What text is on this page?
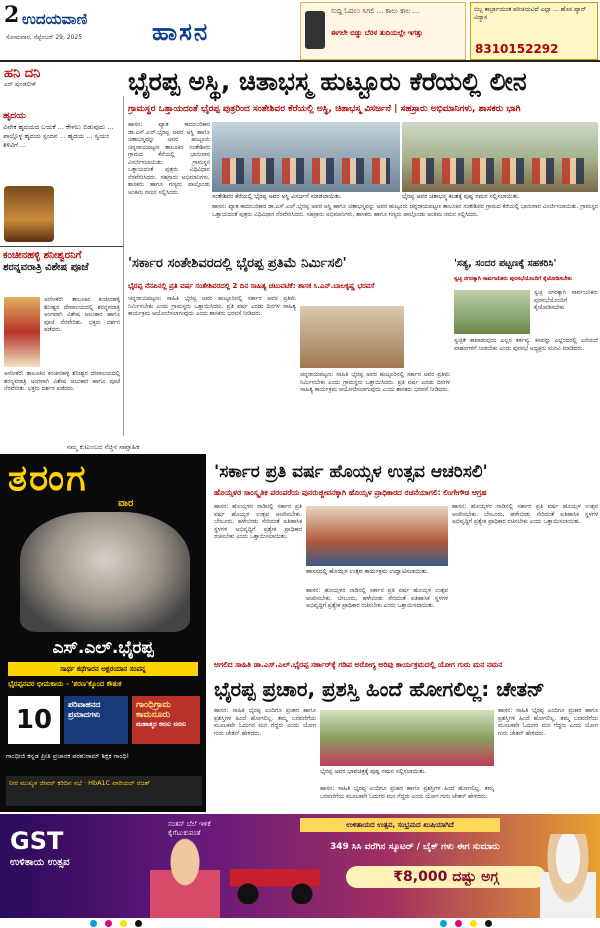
2 ಉದಯವಾಣಿ
ಸೋಮವಾರ, ಸೆಪ್ಟೆಂಬರ್ 29, 2025	ಹಾಸನ
ಸುದ್ದಿ ಓದಲು ಸಿಗಲಿ ... ಕಾಲು ಕಾಲ ...
ಈಗಲೇ ಬಿಡ್ಡು ಬೆರಳ ತುದಿಯಲ್ಲೇ ಇಗತ್ತು
ಬಿಬ್ಬ ಕಾರ್ಬ್ರಾಯಂತ ಪರಿಚಯವಿದೆ ಎಲ್ಲಾ ... ಹೊಸ ಪ್ಯಾನ್ ವಿನ್ಯಾಸ
8310152292
ಹನಿ ದನಿ
ಎನ್ ಪುಂಡಲೀಕ್
ಹೃದಯ
ವಿವೇಕ ಹೃದಯದ ಬಯಕೆ ... ಕೇಳಲು ಬಿಡುವುದು ... ಪಾಲ್ಗೊಳ್ಳ ಹೃದಯ ಸ್ಪಂದನ ... ಹೃದಯ ... ಸ್ವಯಂ ತಿಳಿವಿಗೆ ...
ಭೈರಪ್ಪ ಅಸ್ಥಿ, ಚಿತಾಭಸ್ಮ ಹುಟ್ಟೂರು ಕೆರೆಯಲ್ಲಿ ಲೀನ
ಗ್ರಾಮಸ್ಥರ ಒತ್ತಾಯದಂತೆ ಭೈರಪ್ಪ ಪುತ್ರರಿಂದ ಸಂತೇಶಿವರ ಕೆರೆಯಲ್ಲಿ ಅಸ್ಥಿ, ಚಿತಾಭಸ್ಮ ವಿಸರ್ಜನೆ | ಸಹಸ್ರಾರು ಅಭಿಮಾನಿಗಳು, ಶಾಸಕರು ಭಾಗಿ
ಸಂತೇಶಿವರ ಕೆರೆಯಲ್ಲಿ ಭೈರಪ್ಪ ಅವರ ಅಸ್ಥಿ ವಿಸರ್ಜನೆ ಮಾಡಲಾಯಿತು.	ಭೈರಪ್ಪ ಅವರ ಚಿತಾಭಸ್ಮ ಕಲಶಕ್ಕೆ ಪುಷ್ಪ ನಮನ ಸಲ್ಲಿಸಲಾಯಿತು.
ಹಾಸನ: ಖ್ಯಾತ ಕಾದಂಬರಿಕಾರ ಡಾ.ಎಸ್.ಎಲ್.ಭೈರಪ್ಪ ಅವರ ಅಸ್ಥಿ ಹಾಗೂ ಚಿತಾಭಸ್ಮವನ್ನು ಅವರ ಹುಟ್ಟೂರು ಚನ್ನರಾಯಪಟ್ಟಣ ತಾಲೂಕಿನ ಸಂತೇಶಿವರ ಗ್ರಾಮದ ಕೆರೆಯಲ್ಲಿ ಭಾನುವಾರ ವಿಸರ್ಜಿಸಲಾಯಿತು. ಗ್ರಾಮಸ್ಥರ ಒತ್ತಾಯದಂತೆ ಪುತ್ರರು ವಿಧಿವಿಧಾನ ನೆರವೇರಿಸಿದರು. ಸಹಸ್ರಾರು ಅಭಿಮಾನಿಗಳು, ಶಾಸಕರು ಹಾಗೂ ಗಣ್ಯರು ಪಾಲ್ಗೊಂಡು ಅಂತಿಮ ನಮನ ಸಲ್ಲಿಸಿದರು.
ಹಾಸನ: ಖ್ಯಾತ ಕಾದಂಬರಿಕಾರ ಡಾ.ಎಸ್.ಎಲ್.ಭೈರಪ್ಪ ಅವರ ಅಸ್ಥಿ ಹಾಗೂ ಚಿತಾಭಸ್ಮವನ್ನು ಅವರ ಹುಟ್ಟೂರು ಚನ್ನರಾಯಪಟ್ಟಣ ತಾಲೂಕಿನ ಸಂತೇಶಿವರ ಗ್ರಾಮದ ಕೆರೆಯಲ್ಲಿ ಭಾನುವಾರ ವಿಸರ್ಜಿಸಲಾಯಿತು. ಗ್ರಾಮಸ್ಥರ ಒತ್ತಾಯದಂತೆ ಪುತ್ರರು ವಿಧಿವಿಧಾನ ನೆರವೇರಿಸಿದರು. ಸಹಸ್ರಾರು ಅಭಿಮಾನಿಗಳು, ಶಾಸಕರು ಹಾಗೂ ಗಣ್ಯರು ಪಾಲ್ಗೊಂಡು ಅಂತಿಮ ನಮನ ಸಲ್ಲಿಸಿದರು.
ಕಂಚೀನಹಳ್ಳಿ ಶನೀಶ್ವರನಿಗೆ
ಶರನ್ನವರಾತ್ರಿ ವಿಶೇಷ ಪೂಜೆ
ಅರಸೀಕೆರೆ: ತಾಲೂಕಿನ ಕಂಚೀನಹಳ್ಳಿ ಶನೀಶ್ವರ ದೇವಾಲಯದಲ್ಲಿ ಶರನ್ನವರಾತ್ರಿ ಅಂಗವಾಗಿ ವಿಶೇಷ ಅಲಂಕಾರ ಹಾಗೂ ಪೂಜೆ ನೆರವೇರಿತು. ಭಕ್ತರು ದರ್ಶನ ಪಡೆದರು.
ಅರಸೀಕೆರೆ: ತಾಲೂಕಿನ ಕಂಚೀನಹಳ್ಳಿ ಶನೀಶ್ವರ ದೇವಾಲಯದಲ್ಲಿ ಶರನ್ನವರಾತ್ರಿ ಅಂಗವಾಗಿ ವಿಶೇಷ ಅಲಂಕಾರ ಹಾಗೂ ಪೂಜೆ ನೆರವೇರಿತು. ಭಕ್ತರು ದರ್ಶನ ಪಡೆದರು.
'ಸರ್ಕಾರ ಸಂತೇಶಿವರದಲ್ಲಿ ಭೈರಪ್ಪ ಪ್ರತಿಮೆ ನಿರ್ಮಿಸಲಿ'
ಭೈರಪ್ಪ ನೆನಪಿನಲ್ಲಿ ಪ್ರತಿ ವರ್ಷ ಸಂತೇಶಿವರದಲ್ಲಿ 2 ದಿನ ಸಾಹಿತ್ಯ ಚಟುವಟಿಕೆ: ಶಾಸಕ ಸಿ.ಎನ್.ಬಾಲಕೃಷ್ಣ ಭರವಸೆ
ಚನ್ನರಾಯಪಟ್ಟಣ: ಸಾಹಿತಿ ಭೈರಪ್ಪ ಅವರ ಹುಟ್ಟೂರಿನಲ್ಲಿ ಸರ್ಕಾರ ಅವರ ಪ್ರತಿಮೆ ನಿರ್ಮಿಸಬೇಕು ಎಂದು ಗ್ರಾಮಸ್ಥರು ಒತ್ತಾಯಿಸಿದರು. ಪ್ರತಿ ವರ್ಷ ಎರಡು ದಿನಗಳ ಸಾಹಿತ್ಯ ಕಾರ್ಯಕ್ರಮ ಆಯೋಜಿಸಲಾಗುವುದು ಎಂದು ಶಾಸಕರು ಭರವಸೆ ನೀಡಿದರು.
ಚನ್ನರಾಯಪಟ್ಟಣ: ಸಾಹಿತಿ ಭೈರಪ್ಪ ಅವರ ಹುಟ್ಟೂರಿನಲ್ಲಿ ಸರ್ಕಾರ ಅವರ ಪ್ರತಿಮೆ ನಿರ್ಮಿಸಬೇಕು ಎಂದು ಗ್ರಾಮಸ್ಥರು ಒತ್ತಾಯಿಸಿದರು. ಪ್ರತಿ ವರ್ಷ ಎರಡು ದಿನಗಳ ಸಾಹಿತ್ಯ ಕಾರ್ಯಕ್ರಮ ಆಯೋಜಿಸಲಾಗುವುದು ಎಂದು ಶಾಸಕರು ಭರವಸೆ ನೀಡಿದರು.
'ಸತ್ಯ, ಸಂದರ ಪಟ್ಟಣಕ್ಕೆ ಸಹಕರಿಸಿ'
ಸ್ವಚ್ಛ ನಗರಕ್ಕಾಗಿ ಸಾರ್ವಜನಿಕರು ಪುರಸಭೆಯೊಂದಿಗೆ ಕೈಜೋಡಿಸಬೇಕು
ಸ್ವಚ್ಛ ನಗರಕ್ಕಾಗಿ ಸಾರ್ವಜನಿಕರು ಪುರಸಭೆಯೊಂದಿಗೆ ಕೈಜೋಡಿಸಬೇಕು
ಸ್ವಚ್ಛತೆ ಕಾಪಾಡುವುದು ಎಲ್ಲರ ಕರ್ತವ್ಯ. ಕಸವನ್ನು ಎಲ್ಲೆಂದರಲ್ಲಿ ಎಸೆಯದೆ ವಾಹನಗಳಿಗೆ ನೀಡಬೇಕು ಎಂದು ಪುರಸಭೆ ಅಧ್ಯಕ್ಷರು ಮನವಿ ಮಾಡಿದರು.
ನಮ್ಮ ಕುಟುಂಬದ ನೆಚ್ಚಿನ ಸಾಪ್ತಾಹಿಕ
ತರಂಗ
ವಾರ
ಎಸ್.ಎಲ್.ಭೈರಪ್ಪ
ಸಾರ್ಥ ಕಥೆಗಾರನ ಅಕ್ಷರಯಾನ ಸಂಪನ್ನ
ಭೈರಪ್ಪನವರ ಭೀಮಕಾಯ - 'ಶರಣ'ಕ್ಕೊಂದ ಕೌತುಕ
10
ಪರಿವಾಹನದ ಪ್ರಮಾದಗಳು
ಗಾಂಧಿಗ್ರಾಮ ಕಾಮನೂರು
ಮಹಾತ್ಮರ ಕನಸು ನನಸು
ಗಾಂಧೀಜಿ ಕನ್ನಡ ಪ್ರೀತಿ ಪ್ರಚಾರಕ ಪರಶುರಾಮ್ ಶಿಕ್ಷಕ ಗಾಂಧಿ!
ನೀರ ಮುಖ್ಯಳ ಜೀವರ್ ಕರಿದಿನ ಸಭೆ · HbA1C ವಾರಿಯರ್ ರಜತ್
'ಸರ್ಕಾರ ಪ್ರತಿ ವರ್ಷ ಹೊಯ್ಸಳ ಉತ್ಸವ ಆಚರಿಸಲಿ'
ಹೊಯ್ಸಳರ ಸಾಂಸ್ಕೃತಿಕ ಪರಂಪರೆಯ ಪುನರುಜ್ಜೀವನಕ್ಕಾಗಿ ಹೊಯ್ಸಳ ಪ್ರಾಧಿಕಾರದ ರಚನೆಯಾಗಲಿ: ಲಿಂಗೇಗೌಡ ಆಗ್ರಹ
ಹಾಸನದಲ್ಲಿ ಹೊಯ್ಸಳ ಉತ್ಸವ ಕಾರ್ಯಕ್ರಮ ಉದ್ಘಾಟಿಸಲಾಯಿತು.
ಹಾಸನ: ಹೊಯ್ಸಳರ ನಾಡಿನಲ್ಲಿ ಸರ್ಕಾರ ಪ್ರತಿ ವರ್ಷ ಹೊಯ್ಸಳ ಉತ್ಸವ ಆಚರಿಸಬೇಕು. ಬೇಲೂರು, ಹಳೇಬೀಡು ಸೇರಿದಂತೆ ಐತಿಹಾಸಿಕ ಸ್ಥಳಗಳ ಅಭಿವೃದ್ಧಿಗೆ ಪ್ರತ್ಯೇಕ ಪ್ರಾಧಿಕಾರ ರಚಿಸಬೇಕು ಎಂದು ಒತ್ತಾಯಿಸಲಾಯಿತು.
ಹಾಸನ: ಹೊಯ್ಸಳರ ನಾಡಿನಲ್ಲಿ ಸರ್ಕಾರ ಪ್ರತಿ ವರ್ಷ ಹೊಯ್ಸಳ ಉತ್ಸವ ಆಚರಿಸಬೇಕು. ಬೇಲೂರು, ಹಳೇಬೀಡು ಸೇರಿದಂತೆ ಐತಿಹಾಸಿಕ ಸ್ಥಳಗಳ ಅಭಿವೃದ್ಧಿಗೆ ಪ್ರತ್ಯೇಕ ಪ್ರಾಧಿಕಾರ ರಚಿಸಬೇಕು ಎಂದು ಒತ್ತಾಯಿಸಲಾಯಿತು.
ಹಾಸನ: ಹೊಯ್ಸಳರ ನಾಡಿನಲ್ಲಿ ಸರ್ಕಾರ ಪ್ರತಿ ವರ್ಷ ಹೊಯ್ಸಳ ಉತ್ಸವ ಆಚರಿಸಬೇಕು. ಬೇಲೂರು, ಹಳೇಬೀಡು ಸೇರಿದಂತೆ ಐತಿಹಾಸಿಕ ಸ್ಥಳಗಳ ಅಭಿವೃದ್ಧಿಗೆ ಪ್ರತ್ಯೇಕ ಪ್ರಾಧಿಕಾರ ರಚಿಸಬೇಕು ಎಂದು ಒತ್ತಾಯಿಸಲಾಯಿತು.
ಅಗಲಿದ ಸಾಹಿತಿ ಡಾ.ಎಸ್.ಎಲ್.ಭೈರಪ್ಪ ಸರ್ಕಾರ್‌ಕ್ಕೆ ಗಡಿಪ ಅರೋಗ್ಯ ಅರಿವು ಕಾರ್ಯಕ್ರಮದಲ್ಲಿ ಯೋಗ ಗುರು ಮನ ನಮನ
ಭೈರಪ್ಪ ಪ್ರಚಾರ, ಪ್ರಶಸ್ತಿ ಹಿಂದೆ ಹೋಗಲಿಲ್ಲ: ಚೇತನ್
ಭೈರಪ್ಪ ಅವರ ಭಾವಚಿತ್ರಕ್ಕೆ ಪುಷ್ಪ ನಮನ ಸಲ್ಲಿಸಲಾಯಿತು.
ಹಾಸನ: ಸಾಹಿತಿ ಭೈರಪ್ಪ ಎಂದಿಗೂ ಪ್ರಚಾರ ಹಾಗೂ ಪ್ರಶಸ್ತಿಗಳ ಹಿಂದೆ ಹೋಗಲಿಲ್ಲ. ತಮ್ಮ ಬರವಣಿಗೆಯ ಮೂಲಕವೇ ಓದುಗರ ಮನ ಗೆದ್ದರು ಎಂದು ಯೋಗ ಗುರು ಚೇತನ್ ಹೇಳಿದರು.
ಹಾಸನ: ಸಾಹಿತಿ ಭೈರಪ್ಪ ಎಂದಿಗೂ ಪ್ರಚಾರ ಹಾಗೂ ಪ್ರಶಸ್ತಿಗಳ ಹಿಂದೆ ಹೋಗಲಿಲ್ಲ. ತಮ್ಮ ಬರವಣಿಗೆಯ ಮೂಲಕವೇ ಓದುಗರ ಮನ ಗೆದ್ದರು ಎಂದು ಯೋಗ ಗುರು ಚೇತನ್ ಹೇಳಿದರು.
ಹಾಸನ: ಸಾಹಿತಿ ಭೈರಪ್ಪ ಎಂದಿಗೂ ಪ್ರಚಾರ ಹಾಗೂ ಪ್ರಶಸ್ತಿಗಳ ಹಿಂದೆ ಹೋಗಲಿಲ್ಲ. ತಮ್ಮ ಬರವಣಿಗೆಯ ಮೂಲಕವೇ ಓದುಗರ ಮನ ಗೆದ್ದರು ಎಂದು ಯೋಗ ಗುರು ಚೇತನ್ ಹೇಳಿದರು.
GST
ಉಳಿತಾಯ ಉತ್ಸವ
ಸಂತಸ್ ಬೆಲೆ ಇಳಿಕೆ ಕೈಗೆಟುಕುವಂತೆ
ಉಳಿತಾಯದ ಉತ್ಸವ, ಸಂಭ್ರಮದ ಖುಷಿಯಾಗಿದೆ
349 ಸಿಸಿ ವರೆಗಿನ ಸ್ಕೂಟರ್ / ಬೈಕ್ ಗಳು ಈಗ ಸುಮಾರು
₹8,000 ದಷ್ಟು ಅಗ್ಗ
